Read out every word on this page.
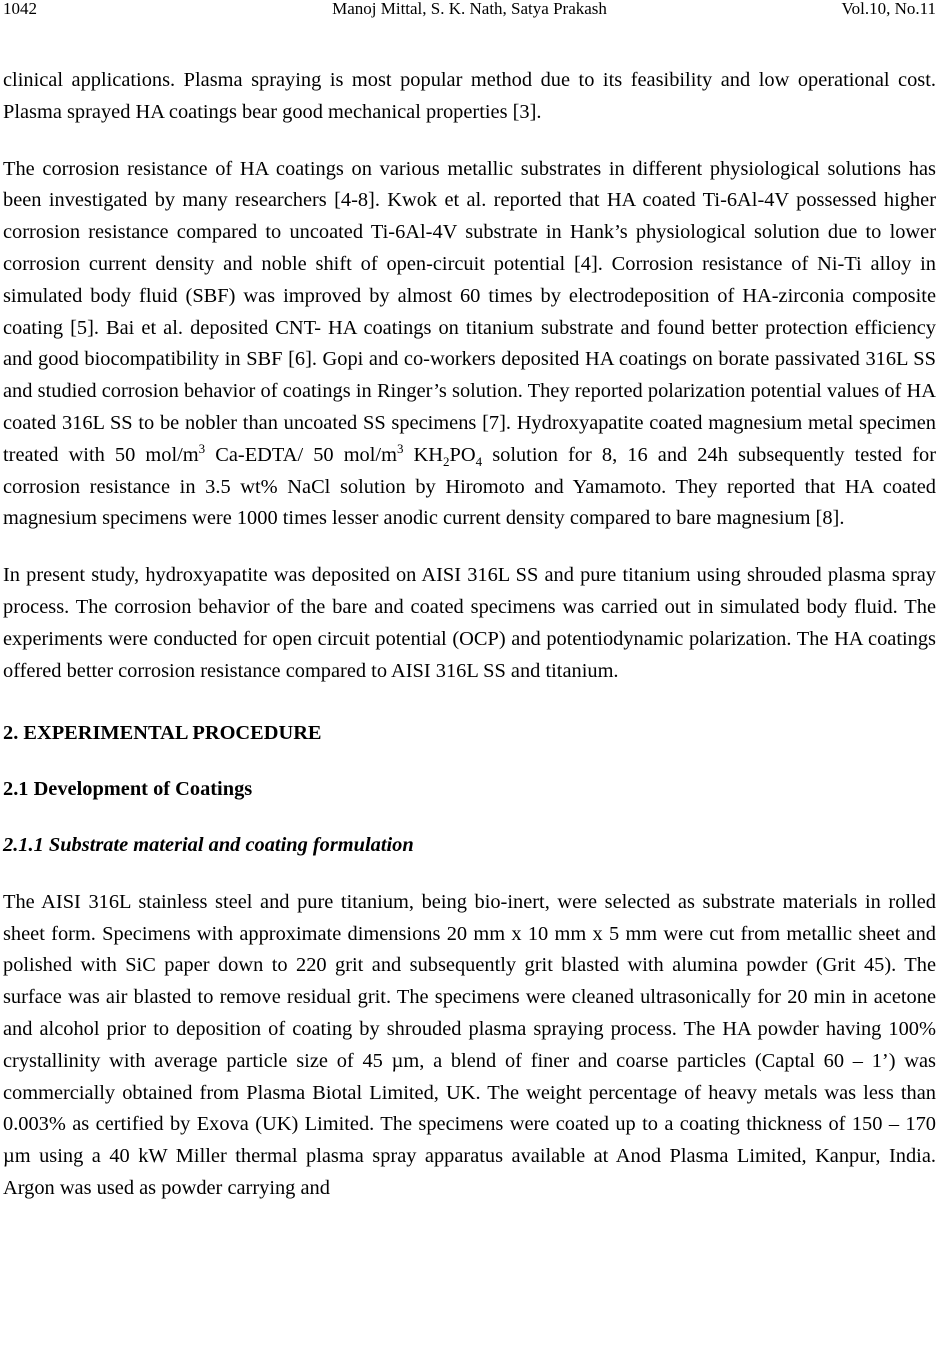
1042	Manoj Mittal, S. K. Nath, Satya Prakash	Vol.10, No.11

clinical applications. Plasma spraying is most popular method due to its feasibility and low operational cost. Plasma sprayed HA coatings bear good mechanical properties [3].

The corrosion resistance of HA coatings on various metallic substrates in different physiological solutions has been investigated by many researchers [4-8]. Kwok et al. reported that HA coated Ti-6Al-4V possessed higher corrosion resistance compared to uncoated Ti-6Al-4V substrate in Hank’s physiological solution due to lower corrosion current density and noble shift of open-circuit potential [4]. Corrosion resistance of Ni-Ti alloy in simulated body fluid (SBF) was improved by almost 60 times by electrodeposition of HA-zirconia composite coating [5]. Bai et al. deposited CNT- HA coatings on titanium substrate and found better protection efficiency and good biocompatibility in SBF [6]. Gopi and co-workers deposited HA coatings on borate passivated 316L SS and studied corrosion behavior of coatings in Ringer’s solution. They reported polarization potential values of HA coated 316L SS to be nobler than uncoated SS specimens [7]. Hydroxyapatite coated magnesium metal specimen treated with 50 mol/$m^3$ Ca-EDTA/ 50 mol/$m^3$ $KH_2PO_4$ solution for 8, 16 and 24h subsequently tested for corrosion resistance in 3.5 wt% NaCl solution by Hiromoto and Yamamoto. They reported that HA coated magnesium specimens were 1000 times lesser anodic current density compared to bare magnesium [8].

In present study, hydroxyapatite was deposited on AISI 316L SS and pure titanium using shrouded plasma spray process. The corrosion behavior of the bare and coated specimens was carried out in simulated body fluid. The experiments were conducted for open circuit potential (OCP) and potentiodynamic polarization. The HA coatings offered better corrosion resistance compared to AISI 316L SS and titanium.

2. EXPERIMENTAL PROCEDURE
2.1 Development of Coatings
2.1.1 Substrate material and coating formulation

The AISI 316L stainless steel and pure titanium, being bio-inert, were selected as substrate materials in rolled sheet form. Specimens with approximate dimensions 20 mm x 10 mm x 5 mm were cut from metallic sheet and polished with SiC paper down to 220 grit and subsequently grit blasted with alumina powder (Grit 45). The surface was air blasted to remove residual grit. The specimens were cleaned ultrasonically for 20 min in acetone and alcohol prior to deposition of coating by shrouded plasma spraying process. The HA powder having 100% crystallinity with average particle size of 45 µm, a blend of finer and coarse particles (Captal 60 – 1’) was commercially obtained from Plasma Biotal Limited, UK. The weight percentage of heavy metals was less than 0.003% as certified by Exova (UK) Limited. The specimens were coated up to a coating thickness of 150 – 170 µm using a 40 kW Miller thermal plasma spray apparatus available at Anod Plasma Limited, Kanpur, India. Argon was used as powder carrying and
